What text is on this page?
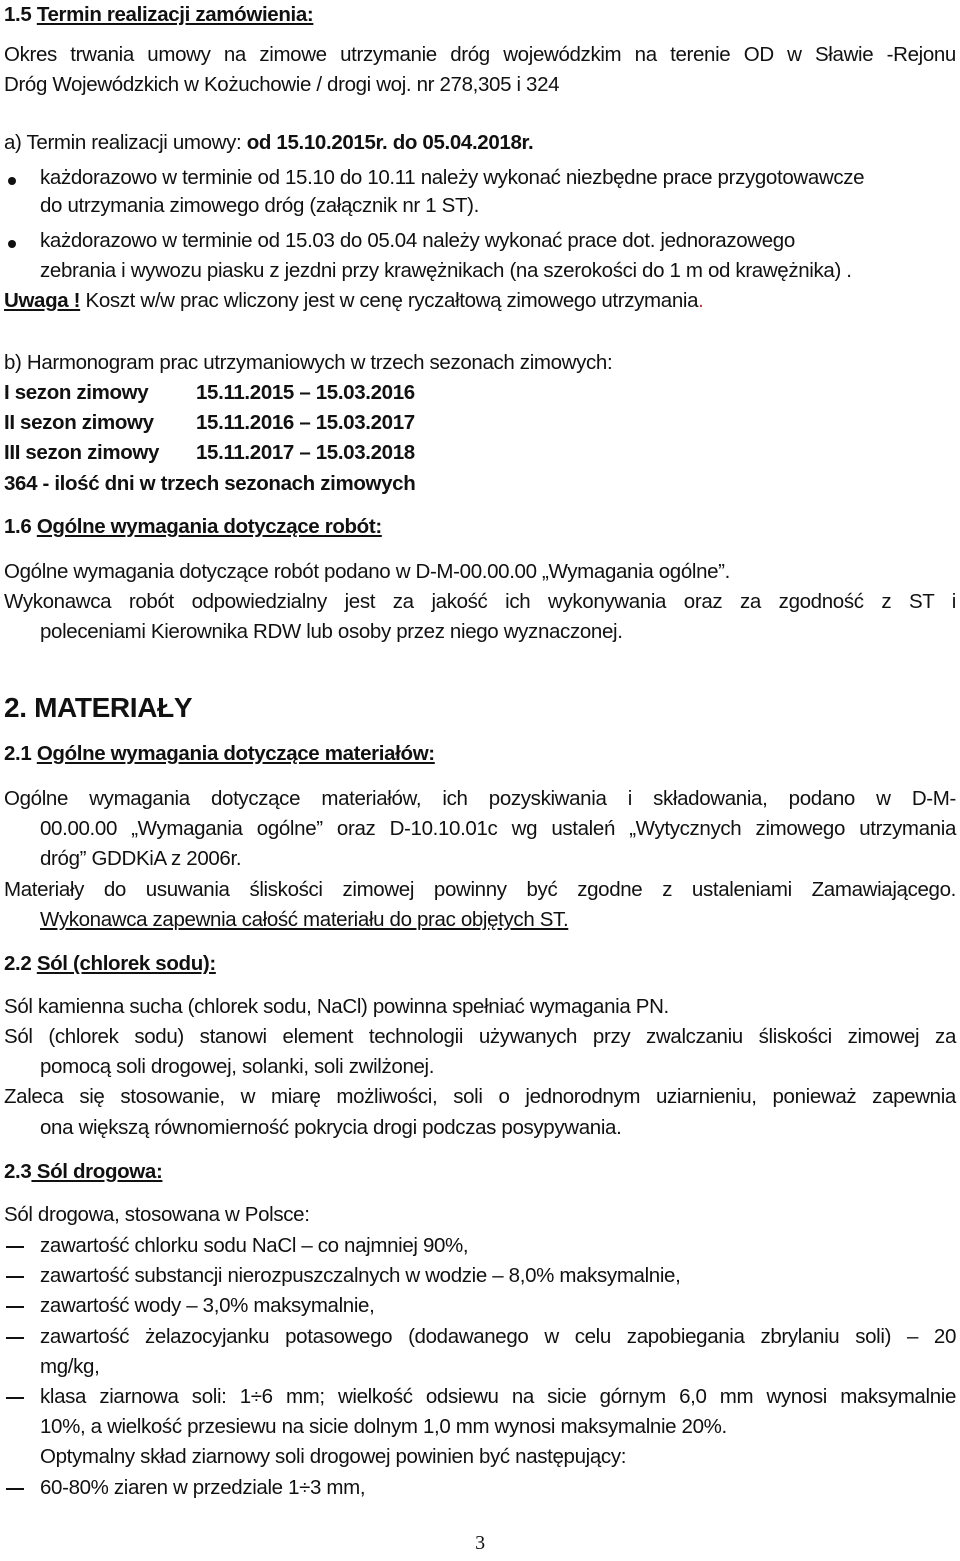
1.5 Termin realizacji zamówienia:
Okres trwania umowy na zimowe utrzymanie dróg wojewódzkim na terenie OD w Sławie -Rejonu
Dróg Wojewódzkich w Kożuchowie / drogi woj. nr 278,305 i 324
a) Termin realizacji umowy: od 15.10.2015r. do 05.04.2018r.
każdorazowo w terminie od 15.10 do 10.11 należy wykonać niezbędne prace przygotowawcze
do utrzymania zimowego dróg (załącznik nr 1 ST).
każdorazowo w terminie od 15.03 do 05.04 należy wykonać prace dot. jednorazowego
zebrania i wywozu piasku z jezdni przy krawężnikach (na szerokości do 1 m od krawężnika) .
Uwaga ! Koszt w/w prac wliczony jest w cenę ryczałtową zimowego utrzymania.
b) Harmonogram prac utrzymaniowych w trzech sezonach zimowych:
I sezon zimowy 15.11.2015 – 15.03.2016
II sezon zimowy 15.11.2016 – 15.03.2017
III sezon zimowy 15.11.2017 – 15.03.2018
364 - ilość dni w trzech sezonach zimowych
1.6 Ogólne wymagania dotyczące robót:
Ogólne wymagania dotyczące robót podano w D-M-00.00.00 „Wymagania ogólne”.
Wykonawca robót odpowiedzialny jest za jakość ich wykonywania oraz za zgodność z ST i
poleceniami Kierownika RDW lub osoby przez niego wyznaczonej.
2. MATERIAŁY
2.1 Ogólne wymagania dotyczące materiałów:
Ogólne wymagania dotyczące materiałów, ich pozyskiwania i składowania, podano w D-M-
00.00.00 „Wymagania ogólne” oraz D-10.10.01c wg ustaleń „Wytycznych zimowego utrzymania
dróg” GDDKiA z 2006r.
Materiały do usuwania śliskości zimowej powinny być zgodne z ustaleniami Zamawiającego.
Wykonawca zapewnia całość materiału do prac objętych ST.
2.2 Sól (chlorek sodu):
Sól kamienna sucha (chlorek sodu, NaCl) powinna spełniać wymagania PN.
Sól (chlorek sodu) stanowi element technologii używanych przy zwalczaniu śliskości zimowej za
pomocą soli drogowej, solanki, soli zwilżonej.
Zaleca się stosowanie, w miarę możliwości, soli o jednorodnym uziarnieniu, ponieważ zapewnia
ona większą równomierność pokrycia drogi podczas posypywania.
2.3 Sól drogowa:
Sól drogowa, stosowana w Polsce:
zawartość chlorku sodu NaCl – co najmniej 90%,
zawartość substancji nierozpuszczalnych w wodzie – 8,0% maksymalnie,
zawartość wody – 3,0% maksymalnie,
zawartość żelazocyjanku potasowego (dodawanego w celu zapobiegania zbrylaniu soli) – 20
mg/kg,
klasa ziarnowa soli: 1÷6 mm; wielkość odsiewu na sicie górnym 6,0 mm wynosi maksymalnie
10%, a wielkość przesiewu na sicie dolnym 1,0 mm wynosi maksymalnie 20%.
Optymalny skład ziarnowy soli drogowej powinien być następujący:
60-80% ziaren w przedziale 1÷3 mm,
3
